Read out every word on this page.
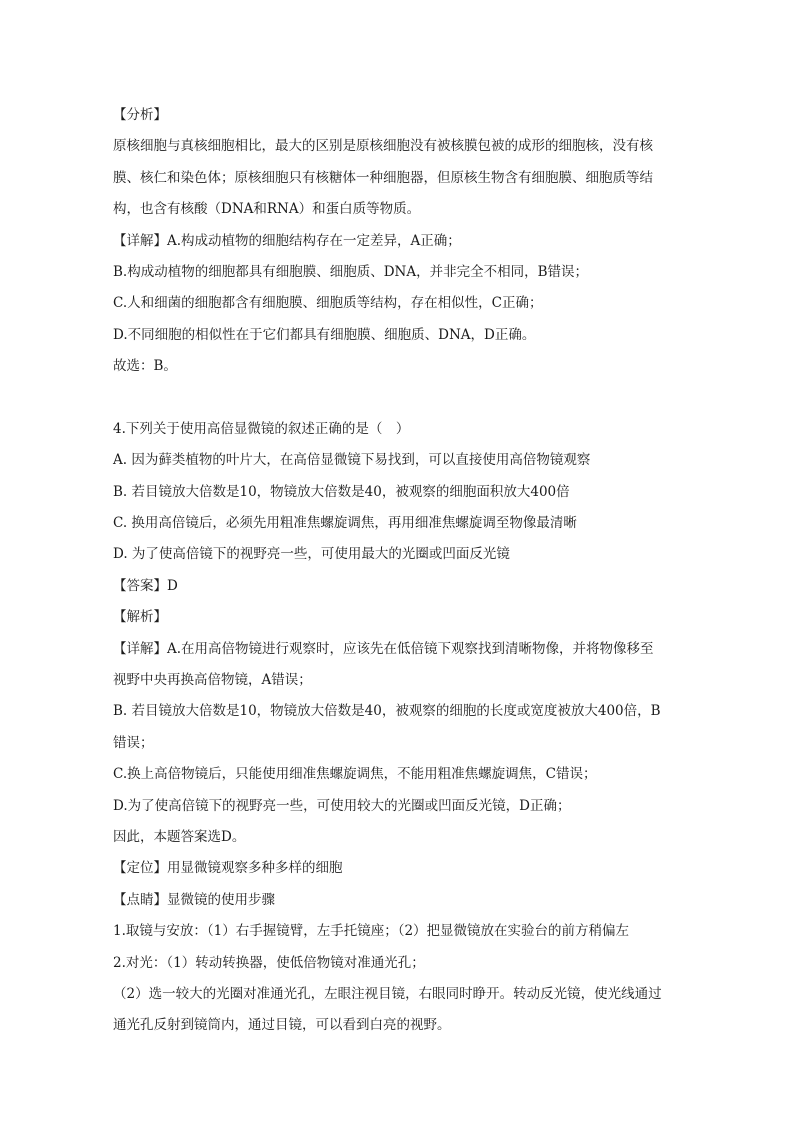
【分析】
原核细胞与真核细胞相比，最大的区别是原核细胞没有被核膜包被的成形的细胞核，没有核
膜、核仁和染色体；原核细胞只有核糖体一种细胞器，但原核生物含有细胞膜、细胞质等结
构，也含有核酸（DNA和RNA）和蛋白质等物质。
【详解】A.构成动植物的细胞结构存在一定差异，A正确；
B.构成动植物的细胞都具有细胞膜、细胞质、DNA，并非完全不相同，B错误；
C.人和细菌的细胞都含有细胞膜、细胞质等结构，存在相似性，C正确；
D.不同细胞的相似性在于它们都具有细胞膜、细胞质、DNA，D正确。
故选：B。
4.下列关于使用高倍显微镜的叙述正确的是（　）
A. 因为藓类植物的叶片大，在高倍显微镜下易找到，可以直接使用高倍物镜观察
B. 若目镜放大倍数是10，物镜放大倍数是40，被观察的细胞面积放大400倍
C. 换用高倍镜后，必须先用粗准焦螺旋调焦，再用细准焦螺旋调至物像最清晰
D. 为了使高倍镜下的视野亮一些，可使用最大的光圈或凹面反光镜
【答案】D
【解析】
【详解】A.在用高倍物镜进行观察时，应该先在低倍镜下观察找到清晰物像，并将物像移至
视野中央再换高倍物镜，A错误；
B. 若目镜放大倍数是10，物镜放大倍数是40，被观察的细胞的长度或宽度被放大400倍，B
错误；
C.换上高倍物镜后，只能使用细准焦螺旋调焦，不能用粗准焦螺旋调焦，C错误；
D.为了使高倍镜下的视野亮一些，可使用较大的光圈或凹面反光镜，D正确；
因此，本题答案选D。
【定位】用显微镜观察多种多样的细胞
【点睛】显微镜的使用步骤
1.取镜与安放：（1）右手握镜臂，左手托镜座；（2）把显微镜放在实验台的前方稍偏左
2.对光：（1）转动转换器，使低倍物镜对准通光孔；
（2）选一较大的光圈对准通光孔，左眼注视目镜，右眼同时睁开。转动反光镜，使光线通过
通光孔反射到镜筒内，通过目镜，可以看到白亮的视野。
